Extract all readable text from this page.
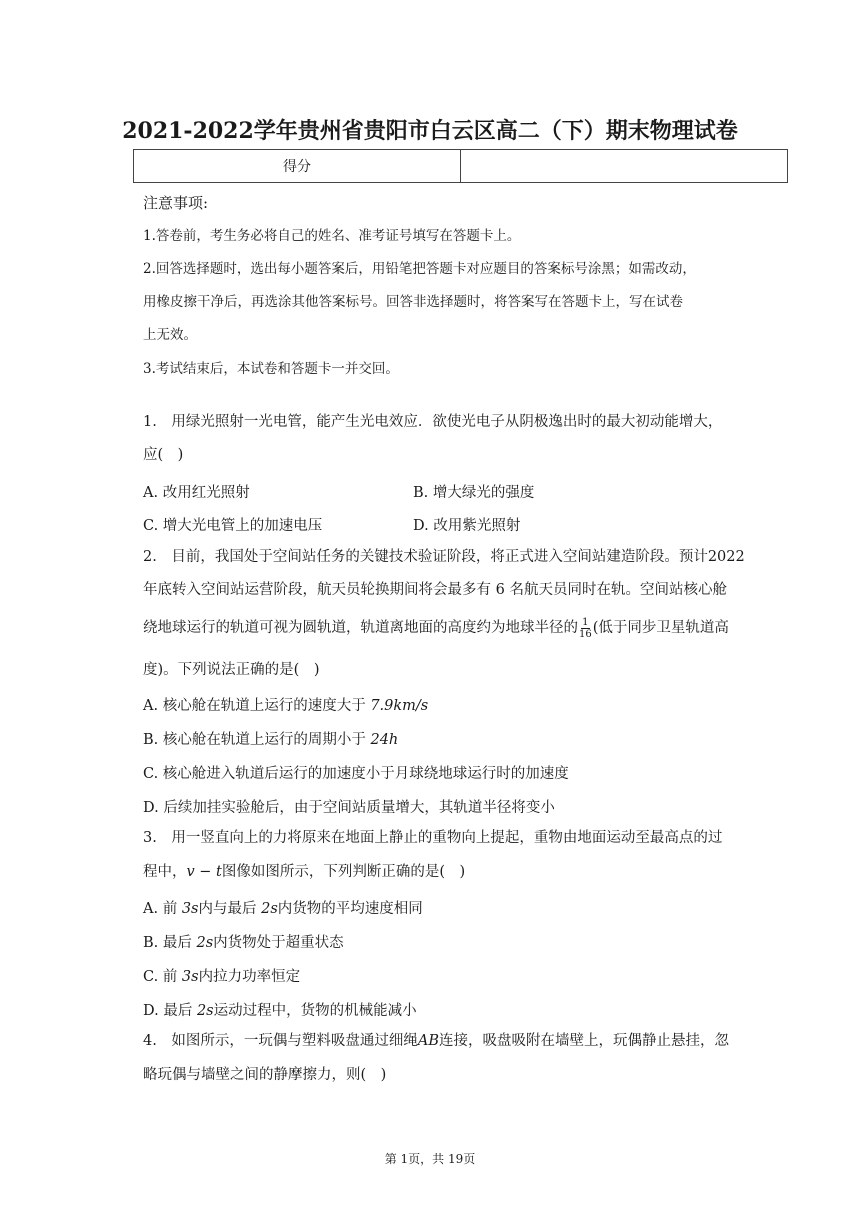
2021-2022学年贵州省贵阳市白云区高二（下）期末物理试卷
得分	
注意事项:
1.答卷前，考生务必将自己的姓名、准考证号填写在答题卡上。
2.回答选择题时，选出每小题答案后，用铅笔把答题卡对应题目的答案标号涂黑；如需改动，
用橡皮擦干净后，再选涂其他答案标号。回答非选择题时，将答案写在答题卡上，写在试卷
上无效。
3.考试结束后，本试卷和答题卡一并交回。
1.　用绿光照射一光电管，能产生光电效应．欲使光电子从阴极逸出时的最大初动能增大，
应(　)
A. 改用红光照射	B. 增大绿光的强度
C. 增大光电管上的加速电压	D. 改用紫光照射
2.　目前，我国处于空间站任务的关键技术验证阶段，将正式进入空间站建造阶段。预计2022
年底转入空间站运营阶段，航天员轮换期间将会最多有 6 名航天员同时在轨。空间站核心舱
绕地球运行的轨道可视为圆轨道，轨道离地面的高度约为地球半径的 $\frac{1}{16}$ (低于同步卫星轨道高
度)。下列说法正确的是(　)
A. 核心舱在轨道上运行的速度大于 7.9km/s
B. 核心舱在轨道上运行的周期小于 24h
C. 核心舱进入轨道后运行的加速度小于月球绕地球运行时的加速度
D. 后续加挂实验舱后，由于空间站质量增大，其轨道半径将变小
3.　用一竖直向上的力将原来在地面上静止的重物向上提起，重物由地面运动至最高点的过
程中，v − t图像如图所示，下列判断正确的是(　)
A. 前 3s内与最后 2s内货物的平均速度相同
B. 最后 2s内货物处于超重状态
C. 前 3s内拉力功率恒定
D. 最后 2s运动过程中，货物的机械能减小
4.　如图所示，一玩偶与塑料吸盘通过细绳AB连接，吸盘吸附在墙壁上，玩偶静止悬挂，忽
略玩偶与墙壁之间的静摩擦力，则(　)
第 1页，共 19页
